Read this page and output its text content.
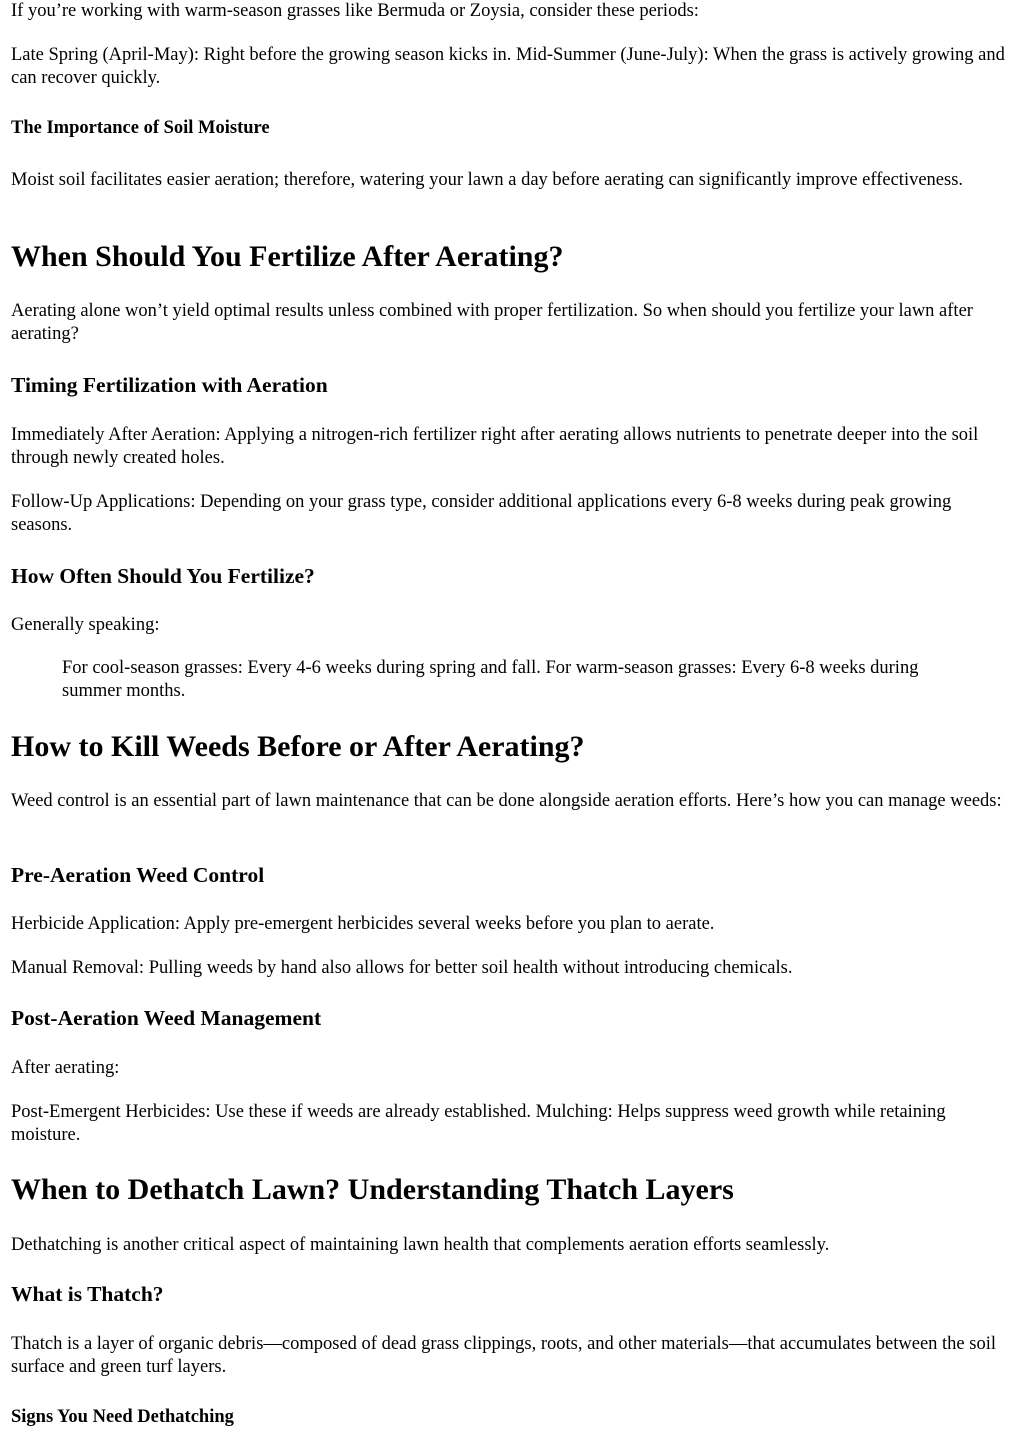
If you’re working with warm-season grasses like Bermuda or Zoysia, consider these periods:

Late Spring (April-May): Right before the growing season kicks in. Mid-Summer (June-July): When the grass is actively growing and can recover quickly.

The Importance of Soil Moisture

Moist soil facilitates easier aeration; therefore, watering your lawn a day before aerating can significantly improve effectiveness.

When Should You Fertilize After Aerating?

Aerating alone won’t yield optimal results unless combined with proper fertilization. So when should you fertilize your lawn after aerating?

Timing Fertilization with Aeration

Immediately After Aeration: Applying a nitrogen-rich fertilizer right after aerating allows nutrients to penetrate deeper into the soil through newly created holes.

Follow-Up Applications: Depending on your grass type, consider additional applications every 6-8 weeks during peak growing seasons.

How Often Should You Fertilize?

Generally speaking:

For cool-season grasses: Every 4-6 weeks during spring and fall. For warm-season grasses: Every 6-8 weeks during summer months.

How to Kill Weeds Before or After Aerating?

Weed control is an essential part of lawn maintenance that can be done alongside aeration efforts. Here’s how you can manage weeds:

Pre-Aeration Weed Control

Herbicide Application: Apply pre-emergent herbicides several weeks before you plan to aerate.

Manual Removal: Pulling weeds by hand also allows for better soil health without introducing chemicals.

Post-Aeration Weed Management

After aerating:

Post-Emergent Herbicides: Use these if weeds are already established. Mulching: Helps suppress weed growth while retaining moisture.

When to Dethatch Lawn? Understanding Thatch Layers

Dethatching is another critical aspect of maintaining lawn health that complements aeration efforts seamlessly.

What is Thatch?

Thatch is a layer of organic debris—composed of dead grass clippings, roots, and other materials—that accumulates between the soil surface and green turf layers.

Signs You Need Dethatching
